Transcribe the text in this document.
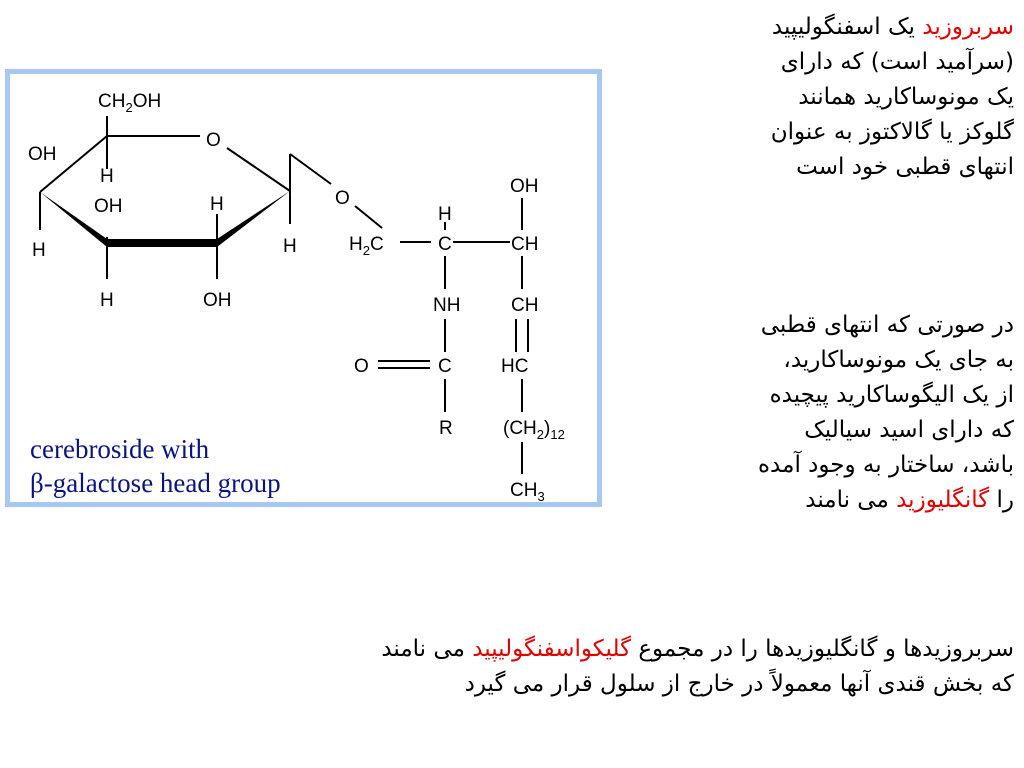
$CH_2OH$
O
OH
H
H
OH
H
H
OH
H
O
$H_2C$	C
H
CH
OH
NH	CH
O	C	HC
R	$(CH_2)_{12}$
$CH_3$
cerebroside with
β-galactose head group
سربروزید یک اسفنگولیپید
(سرآمید است) که دارای
یک مونوساکارید همانند
گلوکز یا گالاکتوز به عنوان
انتهای قطبی خود است
در صورتی که انتهای قطبی
به جای یک مونوساکارید،
از یک الیگوساکارید پیچیده
که دارای اسید سیالیک
باشد، ساختار به وجود آمده
را گانگلیوزید می نامند
سربروزیدها و گانگلیوزیدها را در مجموع گلیکواسفنگولیپید می نامند
که بخش قندی آنها معمولاً در خارج از سلول قرار می گیرد
